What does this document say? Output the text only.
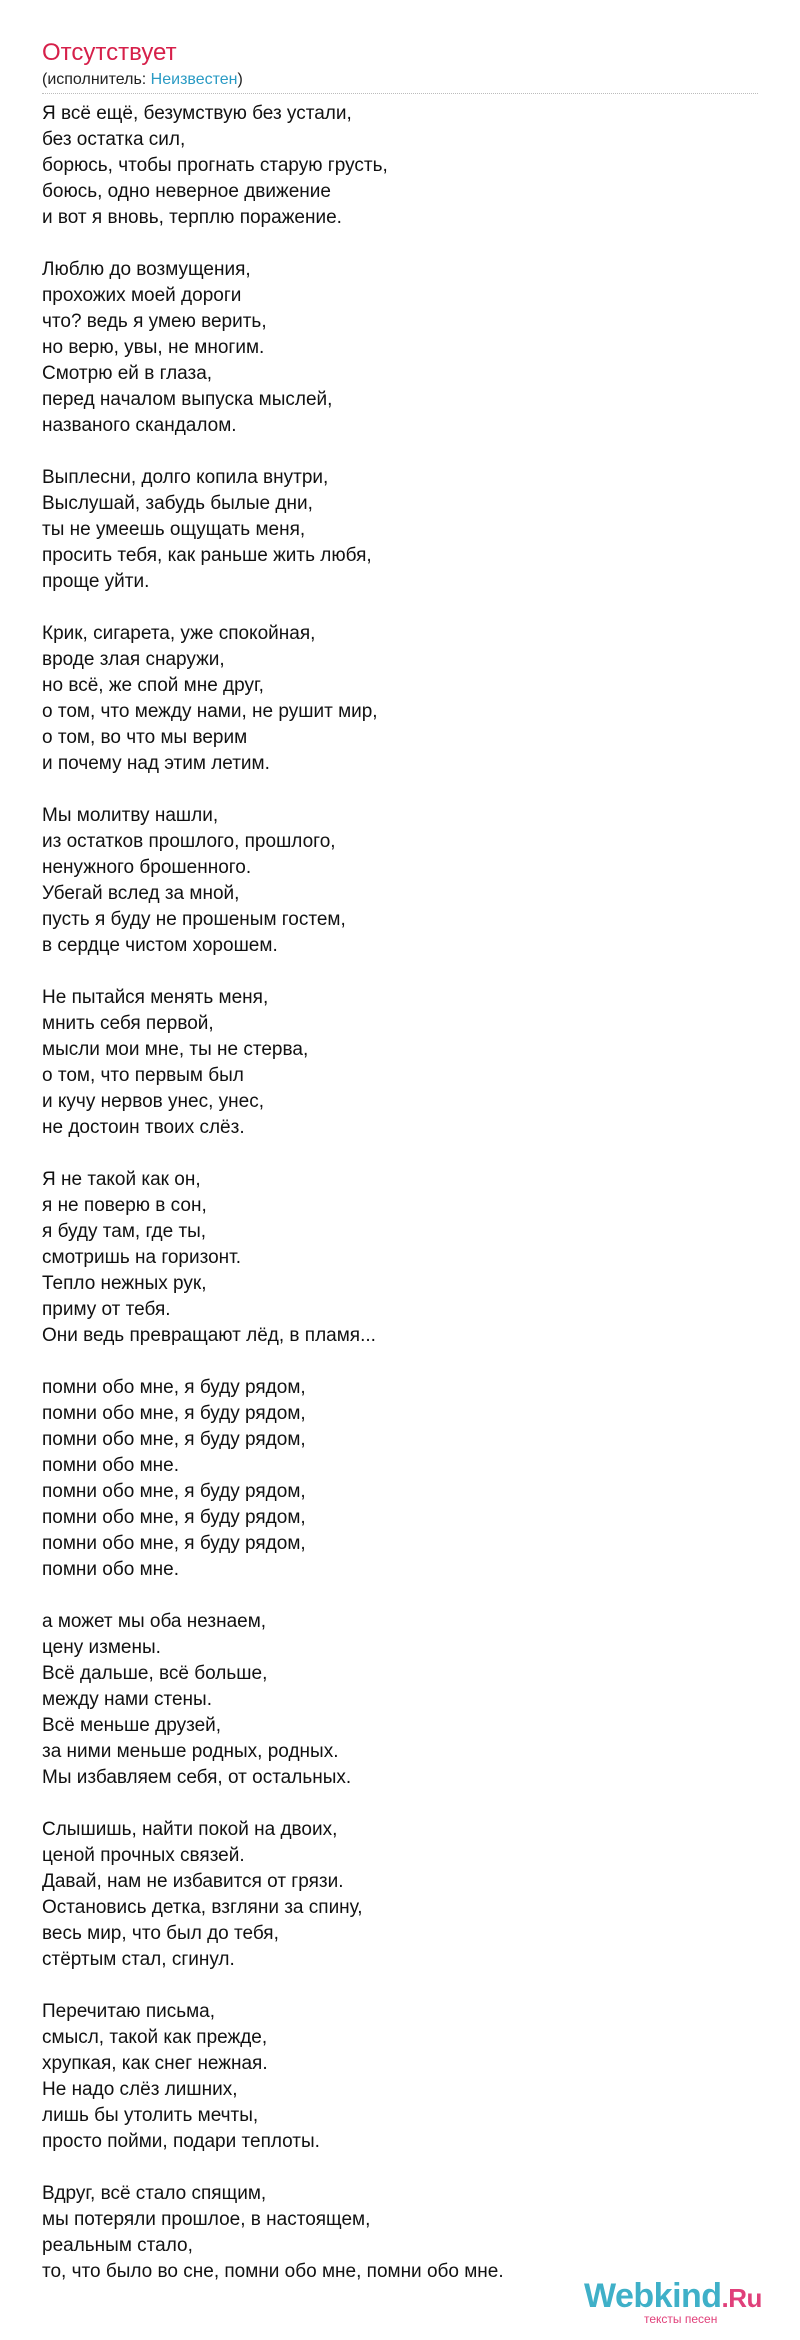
Отсутствует
(исполнитель: Неизвестен)
Я всё ещё, безумствую без устали,
без остатка сил,
борюсь, чтобы прогнать старую грусть,
боюсь, одно неверное движение
и вот я вновь, терплю поражение.
Люблю до возмущения,
прохожих моей дороги
что? ведь я умею верить,
но верю, увы, не многим.
Смотрю ей в глаза,
перед началом выпуска мыслей,
названого скандалом.
Выплесни, долго копила внутри,
Выслушай, забудь былые дни,
ты не умеешь ощущать меня,
просить тебя, как раньше жить любя,
проще уйти.
Крик, сигарета, уже спокойная,
вроде злая снаружи,
но всё, же спой мне друг,
о том, что между нами, не рушит мир,
о том, во что мы верим
и почему над этим летим.
Мы молитву нашли,
из остатков прошлого, прошлого,
ненужного брошенного.
Убегай вслед за мной,
пусть я буду не прошеным гостем,
в сердце чистом хорошем.
Не пытайся менять меня,
мнить себя первой,
мысли мои мне, ты не стерва,
о том, что первым был
и кучу нервов унес, унес,
не достоин твоих слёз.
Я не такой как он,
я не поверю в сон,
я буду там, где ты,
смотришь на горизонт.
Тепло нежных рук,
приму от тебя.
Они ведь превращают лёд, в пламя...
помни обо мне, я буду рядом,
помни обо мне, я буду рядом,
помни обо мне, я буду рядом,
помни обо мне.
помни обо мне, я буду рядом,
помни обо мне, я буду рядом,
помни обо мне, я буду рядом,
помни обо мне.
а может мы оба незнаем,
цену измены.
Всё дальше, всё больше,
между нами стены.
Всё меньше друзей,
за ними меньше родных, родных.
Мы избавляем себя, от остальных.
Слышишь, найти покой на двоих,
ценой прочных связей.
Давай, нам не избавится от грязи.
Остановись детка, взгляни за спину,
весь мир, что был до тебя,
стёртым стал, сгинул.
Перечитаю письма,
смысл, такой как прежде,
хрупкая, как снег нежная.
Не надо слёз лишних,
лишь бы утолить мечты,
просто пойми, подари теплоты.
Вдруг, всё стало спящим,
мы потеряли прошлое, в настоящем,
реальным стало,
то, что было во сне, помни обо мне, помни обо мне.
Webkind.Ru
тексты песен
